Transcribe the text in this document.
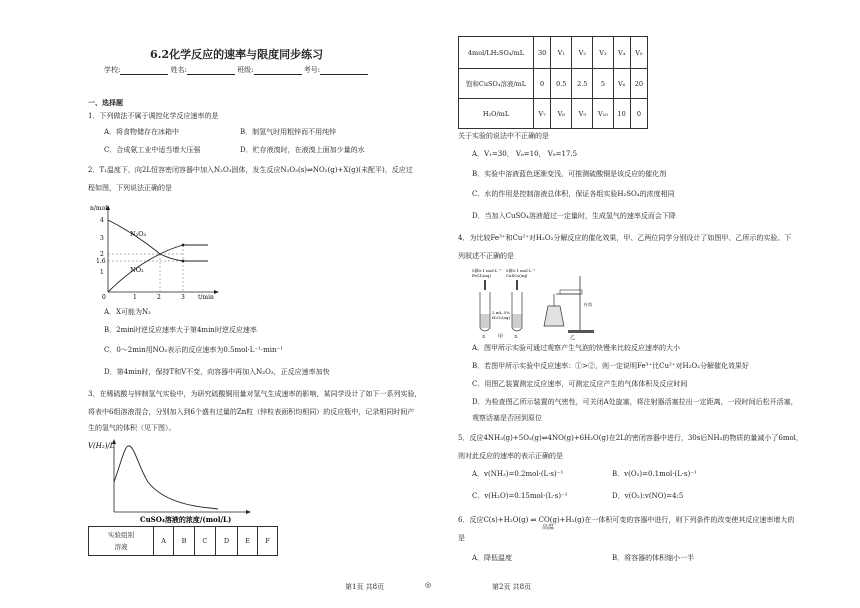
6.2化学反应的速率与限度同步练习
学校:	姓名:	班级:	考号:
一、选择题
1．下列做法不属于调控化学反应速率的是
A．将食物储存在冰箱中	B．制氢气时用粗锌而不用纯锌
C．合成氨工业中适当增大压强	D．贮存液溴时，在液溴上面加少量的水
2．T₁温度下，向2L恒容密闭容器中加入N₂O₃固体，发生反应N₂O₃(s)⇌NO₂(g)+X(g)(未配平)，反应过
程如图，下列说法正确的是
n/mol
t/min
4
3
2
1.6
1
0	1	2	3
N₂O₃
NO₂
A．X可能为N₂
B．2min时逆反应速率大于第4min时逆反应速率
C．0～2min用NO₂表示的反应速率为0.5mol·L⁻¹·min⁻¹
D．第4min时，保持T和V不变，向容器中再加入N₂O₃，正反应速率加快
3．在稀硫酸与锌制氢气实验中，为研究硫酸铜用量对氢气生成速率的影响，某同学设计了如下一系列实验，
将表中6组溶液混合，分别加入到6个盛有过量的Zn粒（锌粒表面积均相同）的反应瓶中，记录相同时间产
生的氢气的体积（见下图）。
V(H₂)/L
CuSO₄溶液的浓度/(mol/L)
实验组别
溶液	A	B	C	D	E	F
第1页 共8页	◎
4mol/LH₂SO₄/mL	30	V₁	V₂	V₃	V₄	V₅
饱和CuSO₄溶液/mL	0	0.5	2.5	5	V₆	20
H₂O/mL	V₇	V₈	V₉	V₁₀	10	0
关于实验的说法中不正确的是
A．V₁=30， V₆=10， V₈=17.5
B．实验中溶液蓝色逐渐变浅，可推测硫酸铜是该反应的催化剂
C．水的作用是控制溶液总体积，保证各组实验H₂SO₄的浓度相同
D．当加入CuSO₄溶液超过一定量时，生成氢气的速率反而会下降
4．为比较Fe³⁺和Cu²⁺对H₂O₂分解反应的催化效果，甲、乙两位同学分别设计了如图甲、乙所示的实验。下
列叙述不正确的是
5滴0.1 mol·L⁻¹
FeCl₃(aq)
5滴0.1 mol·L⁻¹
CuSO₄(aq)
2 mL 5%
H₂O₂(aq)
①	②
甲
针筒
乙
A．图甲所示实验可通过观察产生气泡的快慢来比较反应速率的大小
B．若图甲所示实验中反应速率：①>②，则一定说明Fe³⁺比Cu²⁺对H₂O₂分解催化效果好
C．用图乙装置测定反应速率，可测定反应产生的气体体积及反应时间
D．为检查图乙所示装置的气密性，可关闭A处旋塞，将注射器活塞拉出一定距离，一段时间后松开活塞，
观察活塞是否回到原位
5．反应4NH₃(g)+5O₂(g)⇌4NO(g)+6H₂O(g)在2L的密闭容器中进行，30s后NH₃的物质的量减小了6mol，
则对此反应的速率的表示正确的是
A．v(NH₃)=0.2mol·(L·s)⁻¹	B．v(O₂)=0.1mol·(L·s)⁻¹
C．v(H₂O)=0.15mol·(L·s)⁻¹	D．v(O₂):v(NO)=4:5
6．反应C(s)+H₂O(g) ⇌ CO(g)+H₂(g)在一体积可变的容器中进行，则下列条件的改变使其反应速率增大的
高温
是
A．降低温度	B．将容器的体积缩小一半
第2页 共8页
